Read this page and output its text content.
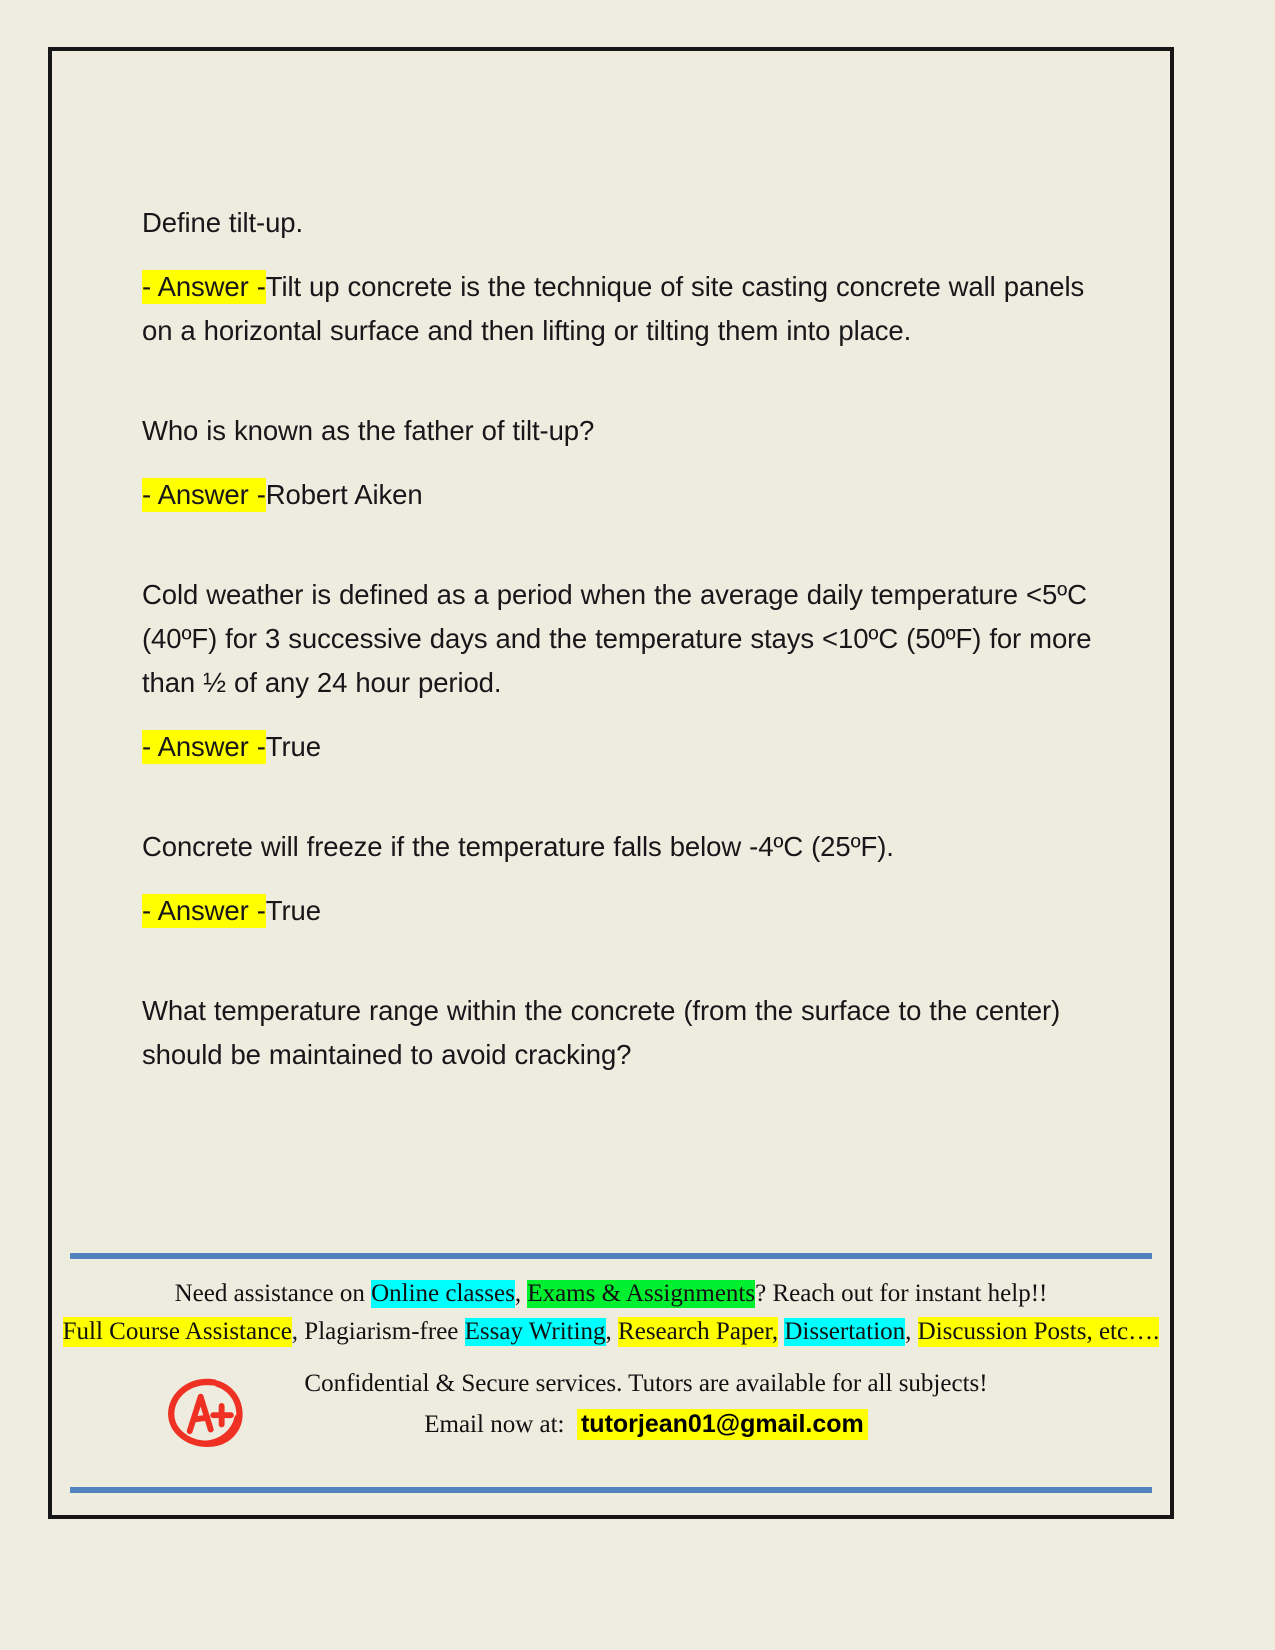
Define tilt-up.

- Answer -Tilt up concrete is the technique of site casting concrete wall panels on a horizontal surface and then lifting or tilting them into place.

Who is known as the father of tilt-up?

- Answer -Robert Aiken

Cold weather is defined as a period when the average daily temperature <5ºC (40ºF) for 3 successive days and the temperature stays <10ºC (50ºF) for more than ½ of any 24 hour period.

- Answer -True

Concrete will freeze if the temperature falls below -4ºC (25ºF).

- Answer -True

What temperature range within the concrete (from the surface to the center) should be maintained to avoid cracking?

Need assistance on Online classes, Exams & Assignments? Reach out for instant help!!

Full Course Assistance, Plagiarism-free Essay Writing, Research Paper, Dissertation, Discussion Posts, etc….

Confidential & Secure services. Tutors are available for all subjects!

Email now at: tutorjean01@gmail.com
